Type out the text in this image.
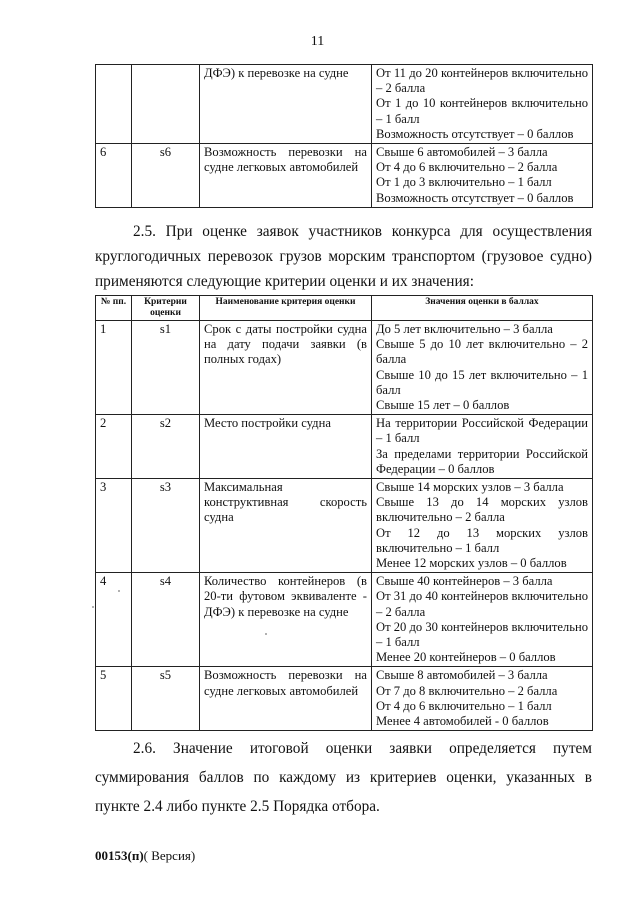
11
		ДФЭ) к перевозке на судне	От 11 до 20 контейнеров включительно – 2 балла

От 1 до 10 контейнеров включительно – 1 балл

Возможность отсутствует – 0 баллов

6	s6	Возможность перевозки на судне легковых автомобилей	Свыше 6 автомобилей – 3 балла

От 4 до 6 включительно – 2 балла

От 1 до 3 включительно – 1 балл

Возможность отсутствует – 0 баллов

2.5. При оценке заявок участников конкурса для осуществления круглогодичных перевозок грузов морским транспортом (грузовое судно) применяются следующие критерии оценки и их значения:

№ пп.	Критерии оценки	Наименование критерия оценки	Значения оценки в баллах
1	s1	Срок с даты постройки судна на дату подачи заявки (в полных годах)	До 5 лет включительно – 3 балла

Свыше 5 до 10 лет включительно – 2 балла

Свыше 10 до 15 лет включительно – 1 балл

Свыше 15 лет – 0 баллов

2	s2	Место постройки судна	На территории Российской Федерации – 1 балл

За пределами территории Российской Федерации – 0 баллов

3	s3	Максимальная конструктивная скорость судна	Свыше 14 морских узлов – 3 балла

Свыше 13 до 14 морских узлов включительно – 2 балла

От 12 до 13 морских узлов включительно – 1 балл

Менее 12 морских узлов – 0 баллов

4	s4	Количество контейнеров (в 20-ти футовом эквиваленте - ДФЭ) к перевозке на судне	Свыше 40 контейнеров – 3 балла

От 31 до 40 контейнеров включительно – 2 балла

От 20 до 30 контейнеров включительно – 1 балл

Менее 20 контейнеров – 0 баллов

5	s5	Возможность перевозки на судне легковых автомобилей	Свыше 8 автомобилей – 3 балла

От 7 до 8 включительно – 2 балла

От 4 до 6 включительно – 1 балл

Менее 4 автомобилей - 0 баллов

2.6. Значение итоговой оценки заявки определяется путем суммирования баллов по каждому из критериев оценки, указанных в пункте 2.4 либо пункте 2.5 Порядка отбора.

00153(п)( Версия)
